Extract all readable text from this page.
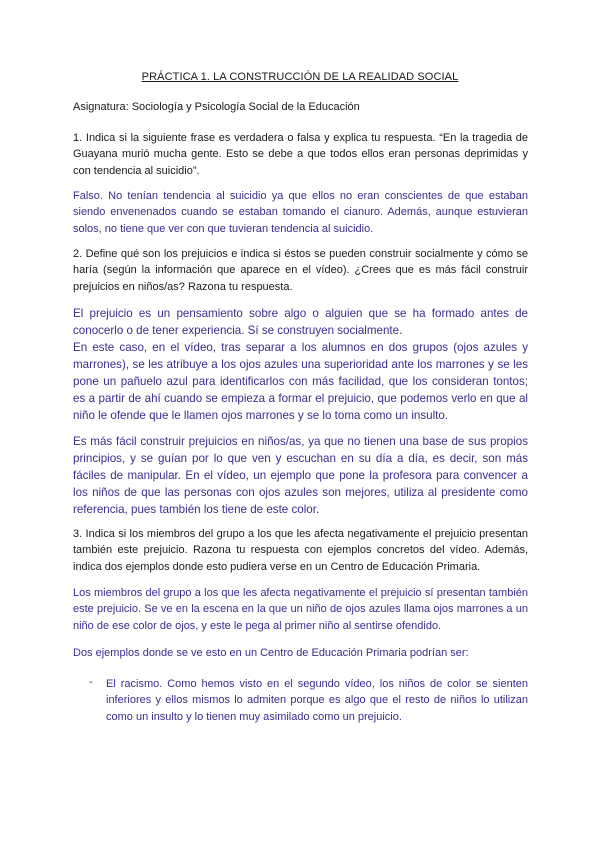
PRÁCTICA 1. LA CONSTRUCCIÓN DE LA REALIDAD SOCIAL

Asignatura: Sociología y Psicología Social de la Educación

1. Indica si la siguiente frase es verdadera o falsa y explica tu respuesta. “En la tragedia de Guayana murió mucha gente. Esto se debe a que todos ellos eran personas deprimidas y con tendencia al suicidio”.

Falso. No tenían tendencia al suicidio ya que ellos no eran conscientes de que estaban siendo envenenados cuando se estaban tomando el cianuro. Además, aunque estuvieran solos, no tiene que ver con que tuvieran tendencia al suicidio.

2. Define qué son los prejuicios e indica si éstos se pueden construir socialmente y cómo se haría (según la información que aparece en el vídeo). ¿Crees que es más fácil construir prejuicios en niños/as? Razona tu respuesta.

El prejuicio es un pensamiento sobre algo o alguien que se ha formado antes de conocerlo o de tener experiencia. Sí se construyen socialmente.

En este caso, en el vídeo, tras separar a los alumnos en dos grupos (ojos azules y marrones), se les atribuye a los ojos azules una superioridad ante los marrones y se les pone un pañuelo azul para identificarlos con más facilidad, que los consideran tontos; es a partir de ahí cuando se empieza a formar el prejuicio, que podemos verlo en que al niño le ofende que le llamen ojos marrones y se lo toma como un insulto.

Es más fácil construir prejuicios en niños/as, ya que no tienen una base de sus propios principios, y se guían por lo que ven y escuchan en su día a día, es decir, son más fáciles de manipular. En el vídeo, un ejemplo que pone la profesora para convencer a los niños de que las personas con ojos azules son mejores, utiliza al presidente como referencia, pues también los tiene de este color.

3. Indica si los miembros del grupo a los que les afecta negativamente el prejuicio presentan también este prejuicio. Razona tu respuesta con ejemplos concretos del vídeo. Además, indica dos ejemplos donde esto pudiera verse en un Centro de Educación Primaria.

Los miembros del grupo a los que les afecta negativamente el prejuicio sí presentan también este prejuicio. Se ve en la escena en la que un niño de ojos azules llama ojos marrones a un niño de ese color de ojos, y este le pega al primer niño al sentirse ofendido.

Dos ejemplos donde se ve esto en un Centro de Educación Primaria podrían ser:

- El racismo. Como hemos visto en el segundo vídeo, los niños de color se sienten inferiores y ellos mismos lo admiten porque es algo que el resto de niños lo utilizan como un insulto y lo tienen muy asimilado como un prejuicio.
